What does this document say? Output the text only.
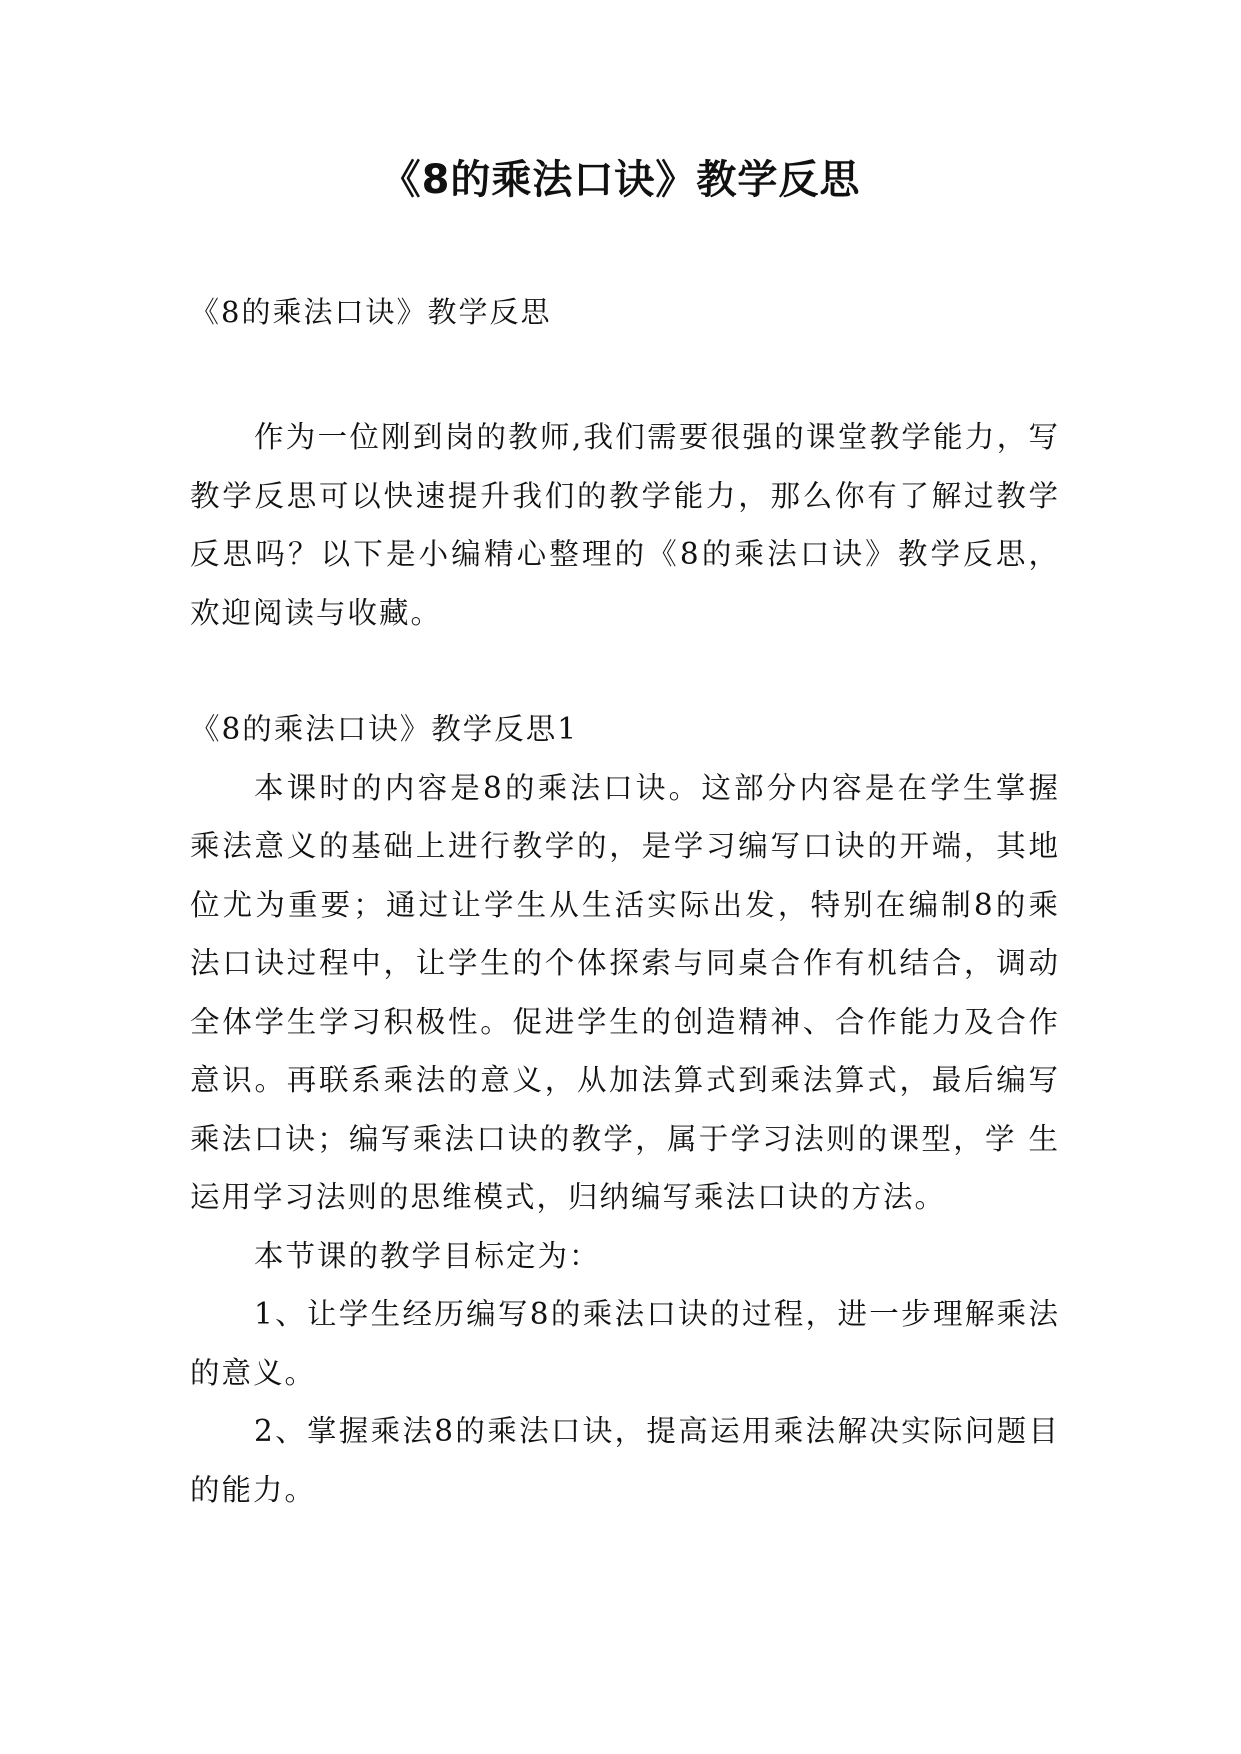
《8的乘法口诀》教学反思

《8的乘法口诀》教学反思

作为一位刚到岗的教师,我们需要很强的课堂教学能力，写教学反思可以快速提升我们的教学能力，那么你有了解过教学反思吗？以下是小编精心整理的《8的乘法口诀》教学反思，欢迎阅读与收藏。

《8的乘法口诀》教学反思1

本课时的内容是8的乘法口诀。这部分内容是在学生掌握乘法意义的基础上进行教学的，是学习编写口诀的开端，其地位尤为重要；通过让学生从生活实际出发，特别在编制8的乘法口诀过程中，让学生的个体探索与同桌合作有机结合，调动全体学生学习积极性。促进学生的创造精神、合作能力及合作意识。再联系乘法的意义，从加法算式到乘法算式，最后编写乘法口诀；编写乘法口诀的教学，属于学习法则的课型，学 生运用学习法则的思维模式，归纳编写乘法口诀的方法。

本节课的教学目标定为：

1、让学生经历编写8的乘法口诀的过程，进一步理解乘法的意义。

2、掌握乘法8的乘法口诀，提高运用乘法解决实际问题目的能力。
